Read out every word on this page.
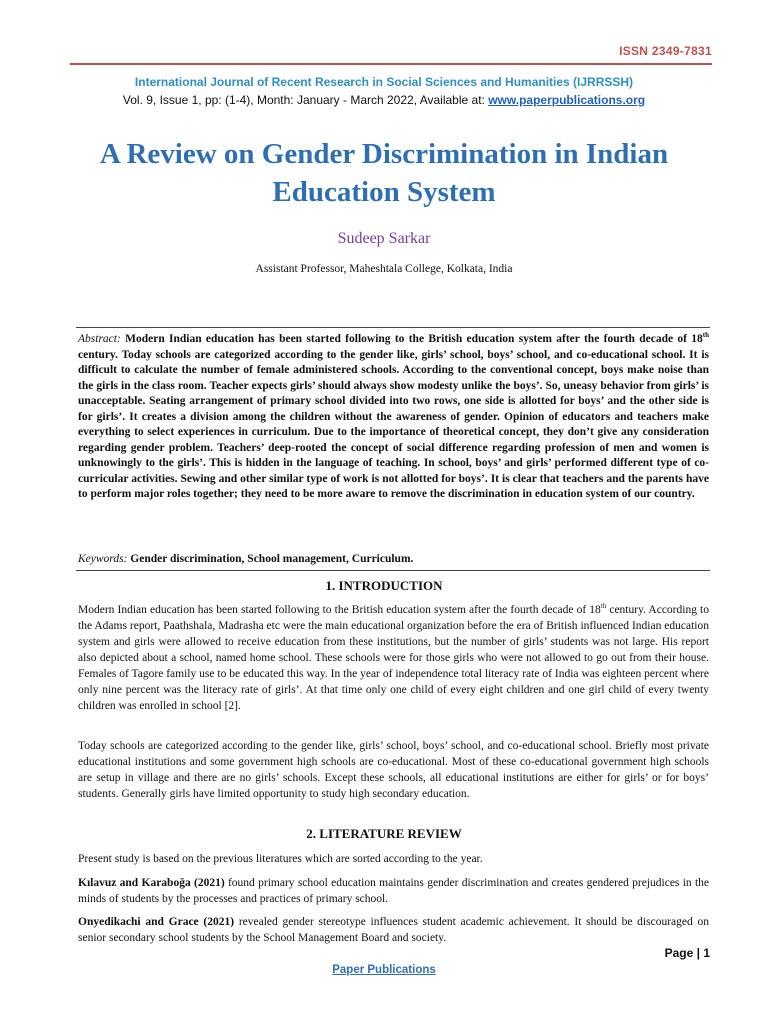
ISSN 2349-7831
International Journal of Recent Research in Social Sciences and Humanities (IJRRSSH)
Vol. 9, Issue 1, pp: (1-4), Month: January - March 2022, Available at: www.paperpublications.org
A Review on Gender Discrimination in Indian Education System
Sudeep Sarkar
Assistant Professor, Maheshtala College, Kolkata, India

Abstract: Modern Indian education has been started following to the British education system after the fourth decade of 18th century. Today schools are categorized according to the gender like, girls’ school, boys’ school, and co-educational school. It is difficult to calculate the number of female administered schools. According to the conventional concept, boys make noise than the girls in the class room. Teacher expects girls’ should always show modesty unlike the boys’. So, uneasy behavior from girls’ is unacceptable. Seating arrangement of primary school divided into two rows, one side is allotted for boys’ and the other side is for girls’. It creates a division among the children without the awareness of gender. Opinion of educators and teachers make everything to select experiences in curriculum. Due to the importance of theoretical concept, they don’t give any consideration regarding gender problem. Teachers’ deep-rooted the concept of social difference regarding profession of men and women is unknowingly to the girls’. This is hidden in the language of teaching. In school, boys’ and girls’ performed different type of co-curricular activities. Sewing and other similar type of work is not allotted for boys’. It is clear that teachers and the parents have to perform major roles together; they need to be more aware to remove the discrimination in education system of our country.

Keywords: Gender discrimination, School management, Curriculum.

1. INTRODUCTION

Modern Indian education has been started following to the British education system after the fourth decade of 18th century. According to the Adams report, Paathshala, Madrasha etc were the main educational organization before the era of British influenced Indian education system and girls were allowed to receive education from these institutions, but the number of girls’ students was not large. His report also depicted about a school, named home school. These schools were for those girls who were not allowed to go out from their house. Females of Tagore family use to be educated this way. In the year of independence total literacy rate of India was eighteen percent where only nine percent was the literacy rate of girls’. At that time only one child of every eight children and one girl child of every twenty children was enrolled in school [2].

Today schools are categorized according to the gender like, girls’ school, boys’ school, and co-educational school. Briefly most private educational institutions and some government high schools are co-educational. Most of these co-educational government high schools are setup in village and there are no girls’ schools. Except these schools, all educational institutions are either for girls’ or for boys’ students. Generally girls have limited opportunity to study high secondary education.

2. LITERATURE REVIEW

Present study is based on the previous literatures which are sorted according to the year.

Kılavuz and Karaboğa (2021) found primary school education maintains gender discrimination and creates gendered prejudices in the minds of students by the processes and practices of primary school.

Onyedikachi and Grace (2021) revealed gender stereotype influences student academic achievement. It should be discouraged on senior secondary school students by the School Management Board and society.

Page | 1
Paper Publications
